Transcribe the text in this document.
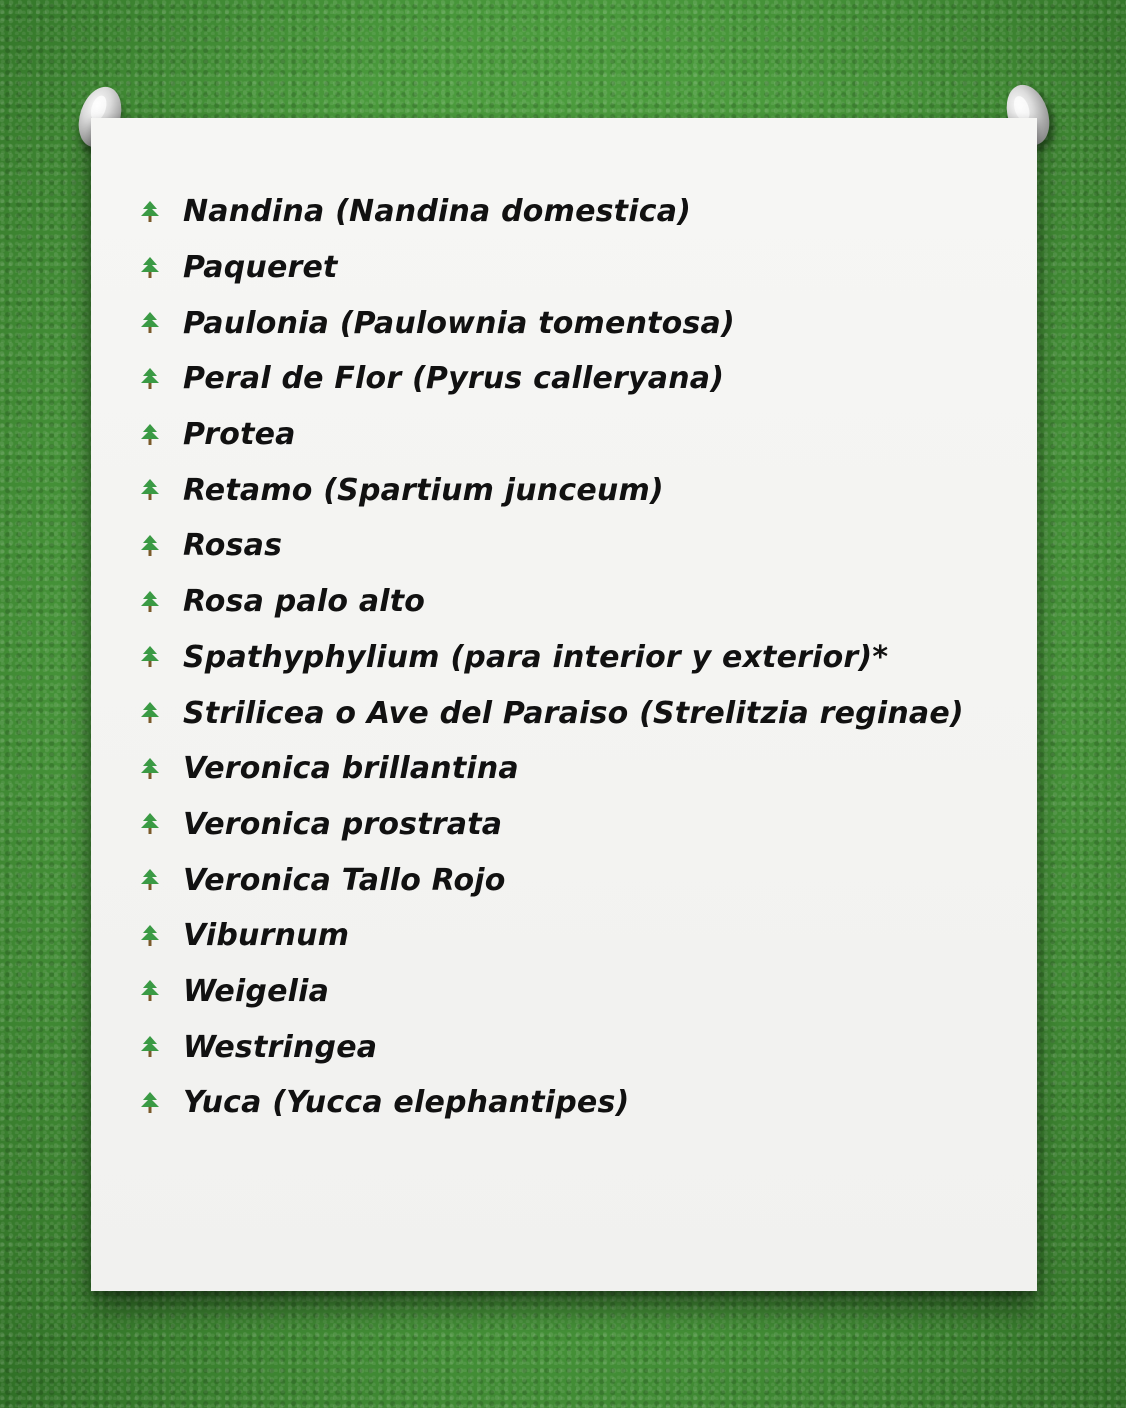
Nandina (Nandina domestica)
Paqueret
Paulonia (Paulownia tomentosa)
Peral de Flor (Pyrus calleryana)
Protea
Retamo (Spartium junceum)
Rosas
Rosa palo alto
Spathyphylium (para interior y exterior)*
Strilicea o Ave del Paraiso (Strelitzia reginae)
Veronica brillantina
Veronica prostrata
Veronica Tallo Rojo
Viburnum
Weigelia
Westringea
Yuca (Yucca elephantipes)
